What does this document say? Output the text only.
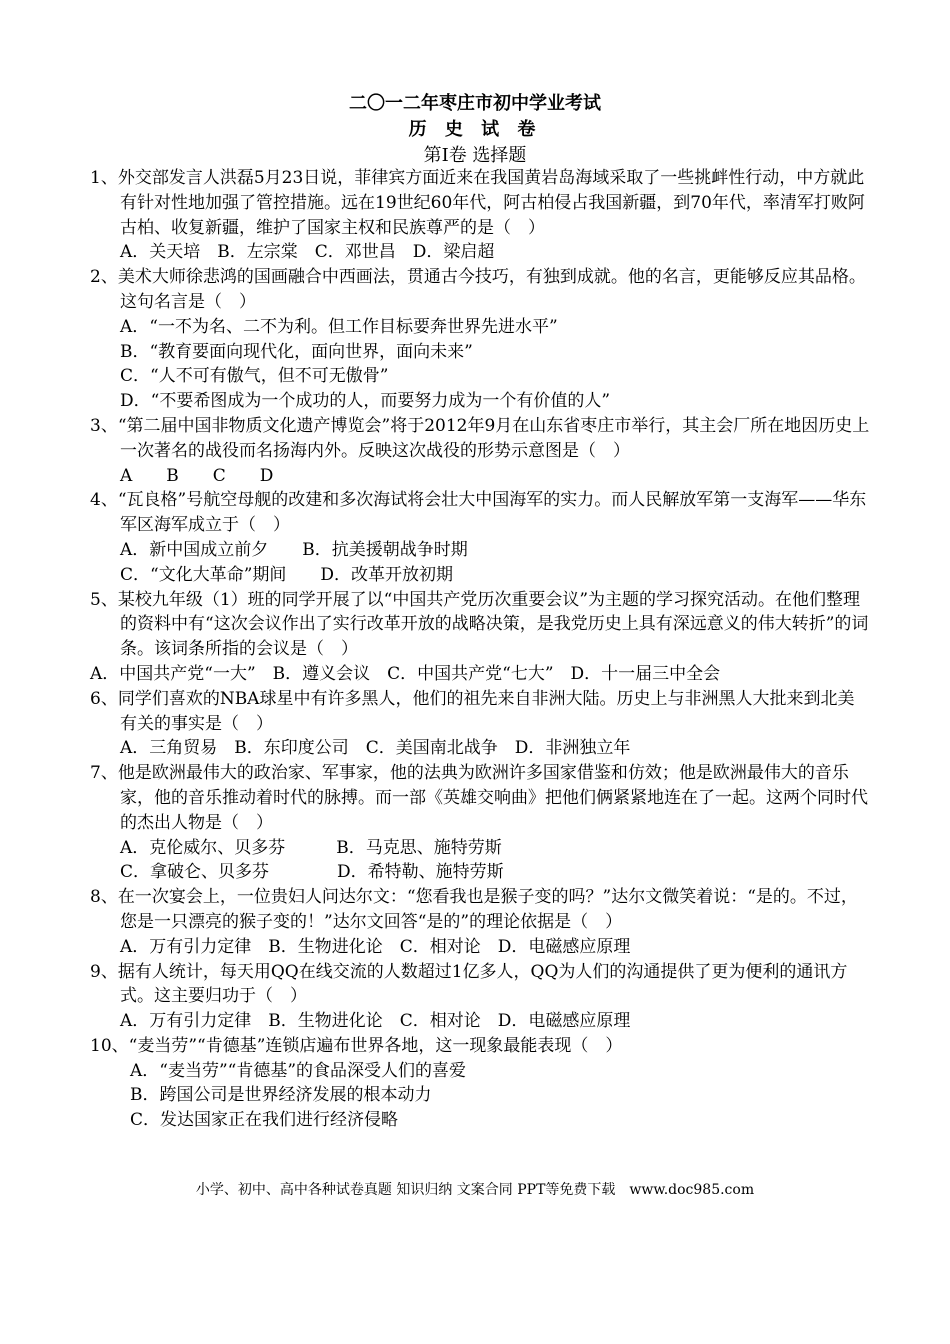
二〇一二年枣庄市初中学业考试
历 史 试 卷
第Ⅰ卷 选择题

1、外交部发言人洪磊5月23日说，菲律宾方面近来在我国黄岩岛海域采取了一些挑衅性行动，中方就此有针对性地加强了管控措施。远在19世纪60年代，阿古柏侵占我国新疆，到70年代，率清军打败阿古柏、收复新疆，维护了国家主权和民族尊严的是（　）

A．关天培　B．左宗棠　C．邓世昌　D．梁启超

2、美术大师徐悲鸿的国画融合中西画法，贯通古今技巧，有独到成就。他的名言，更能够反应其品格。这句名言是（　）

A．“一不为名、二不为利。但工作目标要奔世界先进水平”

B．“教育要面向现代化，面向世界，面向未来”

C．“人不可有傲气，但不可无傲骨”

D．“不要希图成为一个成功的人，而要努力成为一个有价值的人”

3、“第二届中国非物质文化遗产博览会”将于2012年9月在山东省枣庄市举行，其主会厂所在地因历史上一次著名的战役而名扬海内外。反映这次战役的形势示意图是（　）

A　　B　　C　　D

4、“瓦良格”号航空母舰的改建和多次海试将会壮大中国海军的实力。而人民解放军第一支海军——华东军区海军成立于（　）

A．新中国成立前夕　　B．抗美援朝战争时期

C．“文化大革命”期间　　D．改革开放初期

5、某校九年级（1）班的同学开展了以“中国共产党历次重要会议”为主题的学习探究活动。在他们整理的资料中有“这次会议作出了实行改革开放的战略决策，是我党历史上具有深远意义的伟大转折”的词条。该词条所指的会议是（　）

A．中国共产党“一大”　B．遵义会议　C．中国共产党“七大”　D．十一届三中全会

6、同学们喜欢的NBA球星中有许多黑人，他们的祖先来自非洲大陆。历史上与非洲黑人大批来到北美有关的事实是（　）

A．三角贸易　B．东印度公司　C．美国南北战争　D．非洲独立年

7、他是欧洲最伟大的政治家、军事家，他的法典为欧洲许多国家借鉴和仿效；他是欧洲最伟大的音乐家，他的音乐推动着时代的脉搏。而一部《英雄交响曲》把他们俩紧紧地连在了一起。这两个同时代的杰出人物是（　）

A．克伦威尔、贝多芬　　　B．马克思、施特劳斯

C．拿破仑、贝多芬　　　　D．希特勒、施特劳斯

8、在一次宴会上，一位贵妇人问达尔文：“您看我也是猴子变的吗？”达尔文微笑着说：“是的。不过，您是一只漂亮的猴子变的！”达尔文回答“是的”的理论依据是（　）

A．万有引力定律　B．生物进化论　C．相对论　D．电磁感应原理

9、据有人统计，每天用QQ在线交流的人数超过1亿多人，QQ为人们的沟通提供了更为便利的通讯方式。这主要归功于（　）

A．万有引力定律　B．生物进化论　C．相对论　D．电磁感应原理

10、“麦当劳”“肯德基”连锁店遍布世界各地，这一现象最能表现（　）

A．“麦当劳”“肯德基”的食品深受人们的喜爱

B．跨国公司是世界经济发展的根本动力

C．发达国家正在我们进行经济侵略

小学、初中、高中各种试卷真题 知识归纳 文案合同 PPT等免费下载　www.doc985.com
